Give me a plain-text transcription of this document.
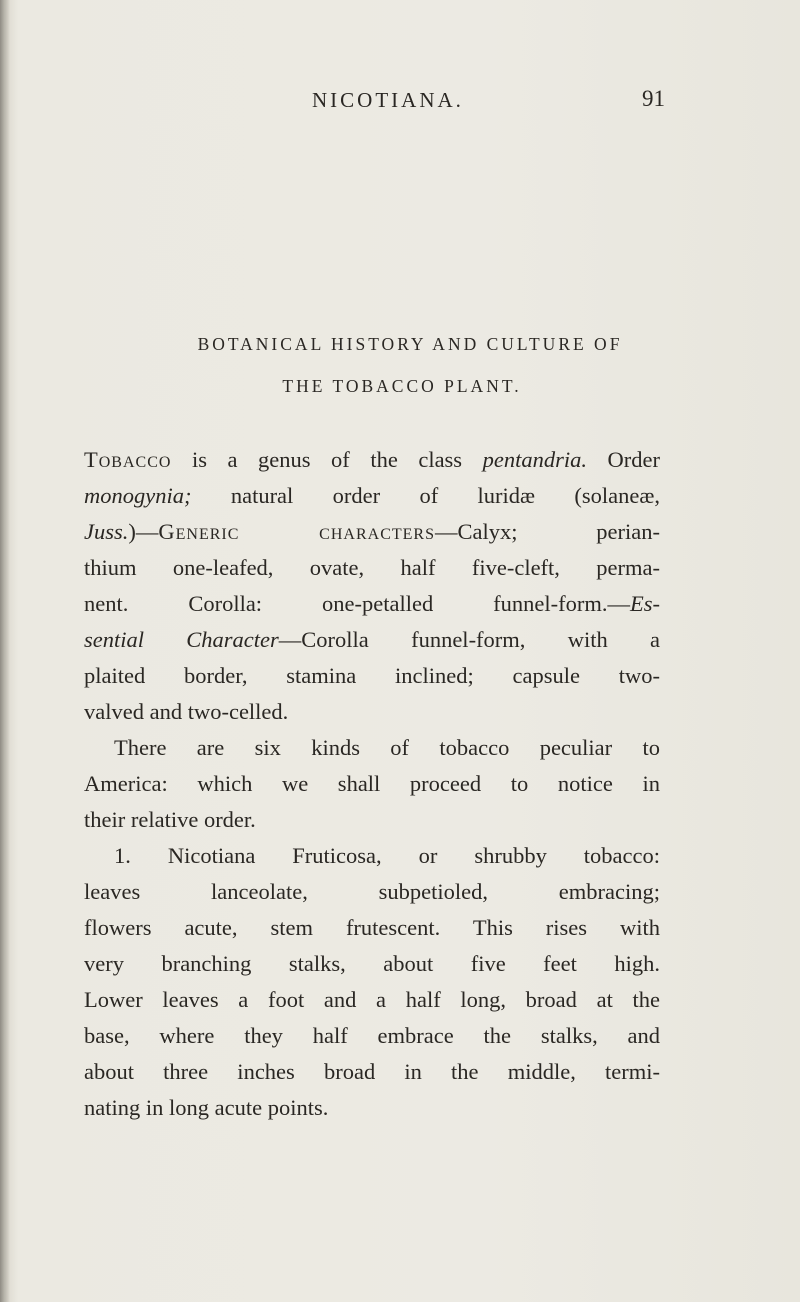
NICOTIANA.	91
BOTANICAL HISTORY AND CULTURE OF
THE TOBACCO PLANT.
Tobacco is a genus of the class pentandria. Order
monogynia; natural order of luridæ (solaneæ,
Juss.)—Generic characters—Calyx; perian-
thium one-leafed, ovate, half five-cleft, perma-
nent. Corolla: one-petalled funnel-form.—Es-
sential Character—Corolla funnel-form, with a
plaited border, stamina inclined; capsule two-
valved and two-celled.
There are six kinds of tobacco peculiar to
America: which we shall proceed to notice in
their relative order.
1. Nicotiana Fruticosa, or shrubby tobacco:
leaves lanceolate, subpetioled, embracing;
flowers acute, stem frutescent. This rises with
very branching stalks, about five feet high.
Lower leaves a foot and a half long, broad at the
base, where they half embrace the stalks, and
about three inches broad in the middle, termi-
nating in long acute points.
